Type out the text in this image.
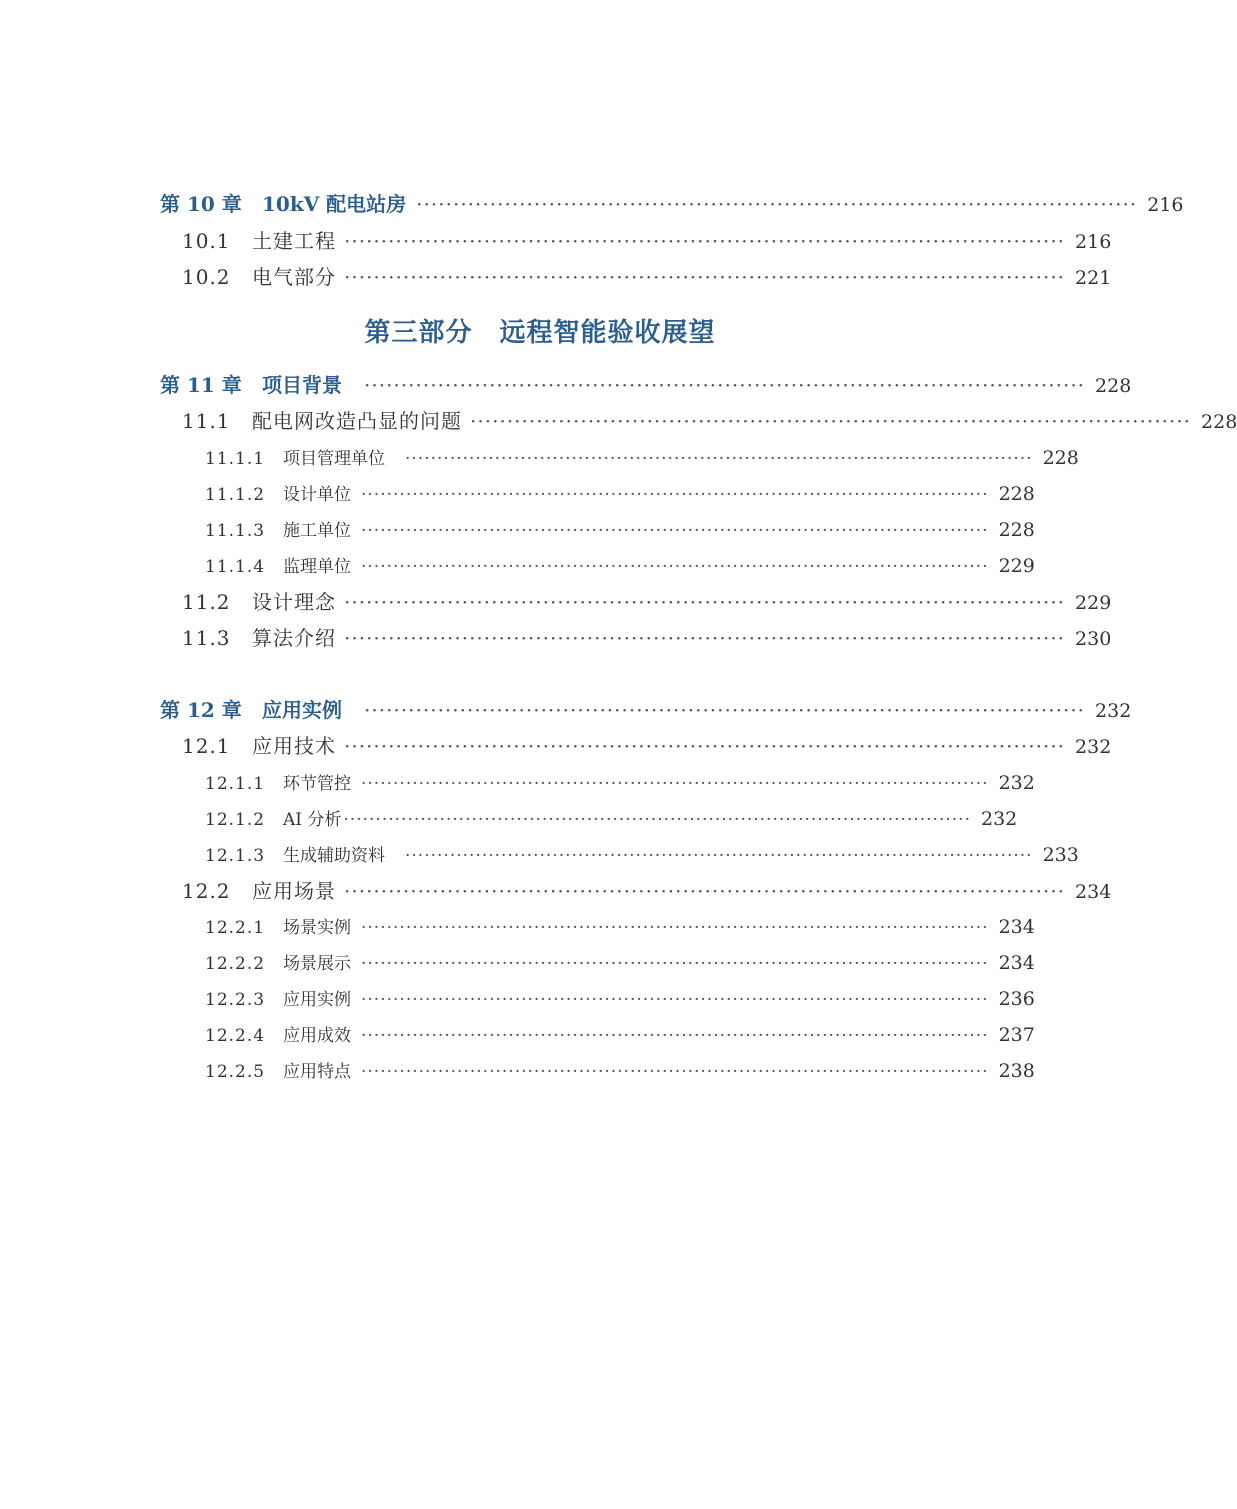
第 10 章	10kV 配电站房 ·································································································· 216
10.1	土建工程 ·································································································· 216
10.2	电气部分 ·································································································· 221
第三部分　远程智能验收展望
第 11 章	项目背景 ·································································································· 228
11.1	配电网改造凸显的问题 ·································································································· 228
11.1.1	项目管理单位 ·································································································· 228
11.1.2	设计单位 ·································································································· 228
11.1.3	施工单位 ·································································································· 228
11.1.4	监理单位 ·································································································· 229
11.2	设计理念 ·································································································· 229
11.3	算法介绍 ·································································································· 230
第 12 章	应用实例 ·································································································· 232
12.1	应用技术 ·································································································· 232
12.1.1	环节管控 ·································································································· 232
12.1.2	AI 分析 ·································································································· 232
12.1.3	生成辅助资料 ·································································································· 233
12.2	应用场景 ·································································································· 234
12.2.1	场景实例 ·································································································· 234
12.2.2	场景展示 ·································································································· 234
12.2.3	应用实例 ·································································································· 236
12.2.4	应用成效 ·································································································· 237
12.2.5	应用特点 ·································································································· 238
